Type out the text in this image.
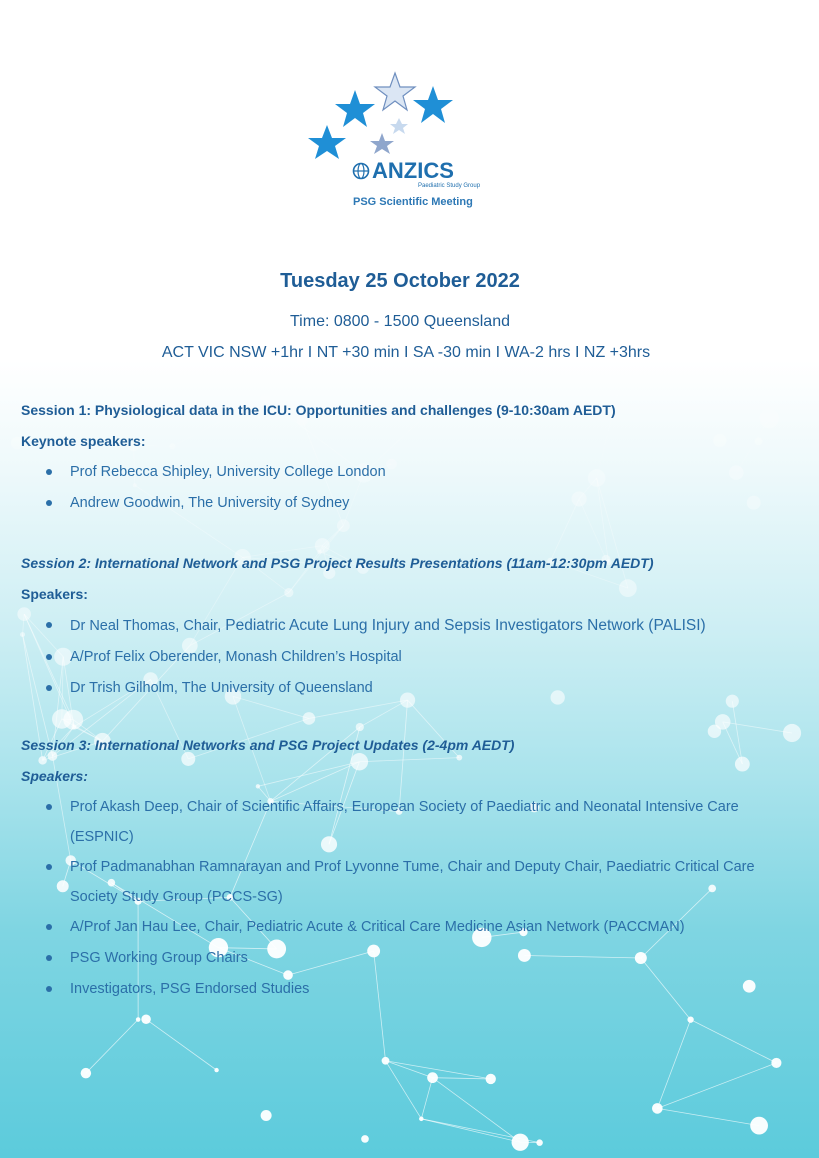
ANZICS
Paediatric Study Group
PSG Scientific Meeting
Tuesday 25 October 2022
Time: 0800 - 1500 Queensland
ACT VIC NSW +1hr I NT +30 min I SA -30 min I WA-2 hrs I NZ +3hrs
Session 1: Physiological data in the ICU: Opportunities and challenges (9-10:30am AEDT)
Keynote speakers:
Prof Rebecca Shipley, University College London
Andrew Goodwin, The University of Sydney
Session 2: International Network and PSG Project Results Presentations (11am-12:30pm AEDT)
Speakers:
Dr Neal Thomas, Chair, Pediatric Acute Lung Injury and Sepsis Investigators Network (PALISI)
A/Prof Felix Oberender, Monash Children’s Hospital
Dr Trish Gilholm, The University of Queensland
Session 3: International Networks and PSG Project Updates (2-4pm AEDT)
Speakers:
Prof Akash Deep, Chair of Scientific Affairs, European Society of Paediatric and Neonatal Intensive Care (ESPNIC)
Prof Padmanabhan Ramnarayan and Prof Lyvonne Tume, Chair and Deputy Chair, Paediatric Critical Care Society Study Group (PCCS-SG)
A/Prof Jan Hau Lee, Chair, Pediatric Acute & Critical Care Medicine Asian Network (PACCMAN)
PSG Working Group Chairs
Investigators, PSG Endorsed Studies
